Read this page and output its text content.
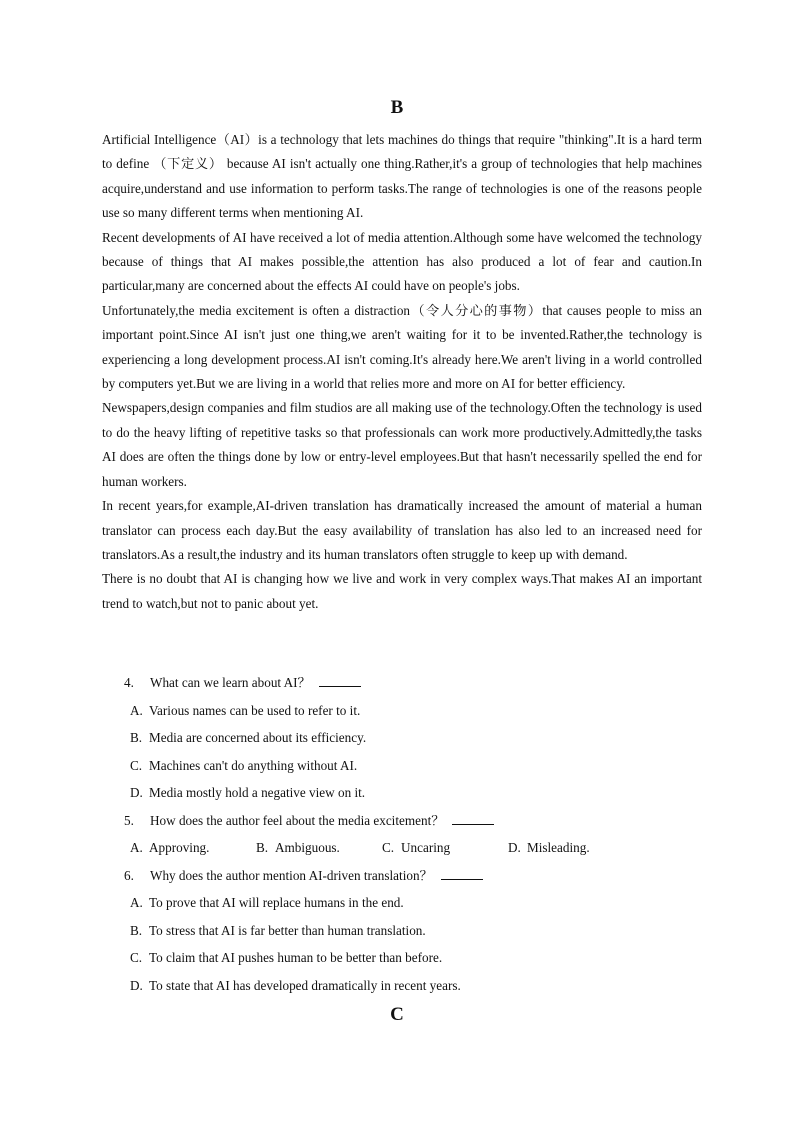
B

Artificial Intelligence（AI）is a technology that lets machines do things that require "thinking".It is a hard term to define （下定义） because AI isn't actually one thing.Rather,it's a group of technologies that help machines acquire,understand and use information to perform tasks.The range of technologies is one of the reasons people use so many different terms when mentioning AI.

Recent developments of AI have received a lot of media attention.Although some have welcomed the technology because of things that AI makes possible,the attention has also produced a lot of fear and caution.In particular,many are concerned about the effects AI could have on people's jobs.

Unfortunately,the media excitement is often a distraction（令人分心的事物）that causes people to miss an important point.Since AI isn't just one thing,we aren't waiting for it to be invented.Rather,the technology is experiencing a long development process.AI isn't coming.It's already here.We aren't living in a world controlled by computers yet.But we are living in a world that relies more and more on AI for better efficiency.

Newspapers,design companies and film studios are all making use of the technology.Often the technology is used to do the heavy lifting of repetitive tasks so that professionals can work more productively.Admittedly,the tasks AI does are often the things done by low or entry-level employees.But that hasn't necessarily spelled the end for human workers.

In recent years,for example,AI-driven translation has dramatically increased the amount of material a human translator can process each day.But the easy availability of translation has also led to an increased need for translators.As a result,the industry and its human translators often struggle to keep up with demand.

There is no doubt that AI is changing how we live and work in very complex ways.That makes AI an important trend to watch,but not to panic about yet.

4. What can we learn about AI？
A. Various names can be used to refer to it.
B. Media are concerned about its efficiency.
C. Machines can't do anything without AI.
D. Media mostly hold a negative view on it.
5. How does the author feel about the media excitement？
A. Approving.	B. Ambiguous.	C. Uncaring	D. Misleading.
6. Why does the author mention AI-driven translation？
A. To prove that AI will replace humans in the end.
B. To stress that AI is far better than human translation.
C. To claim that AI pushes human to be better than before.
D. To state that AI has developed dramatically in recent years.
C
